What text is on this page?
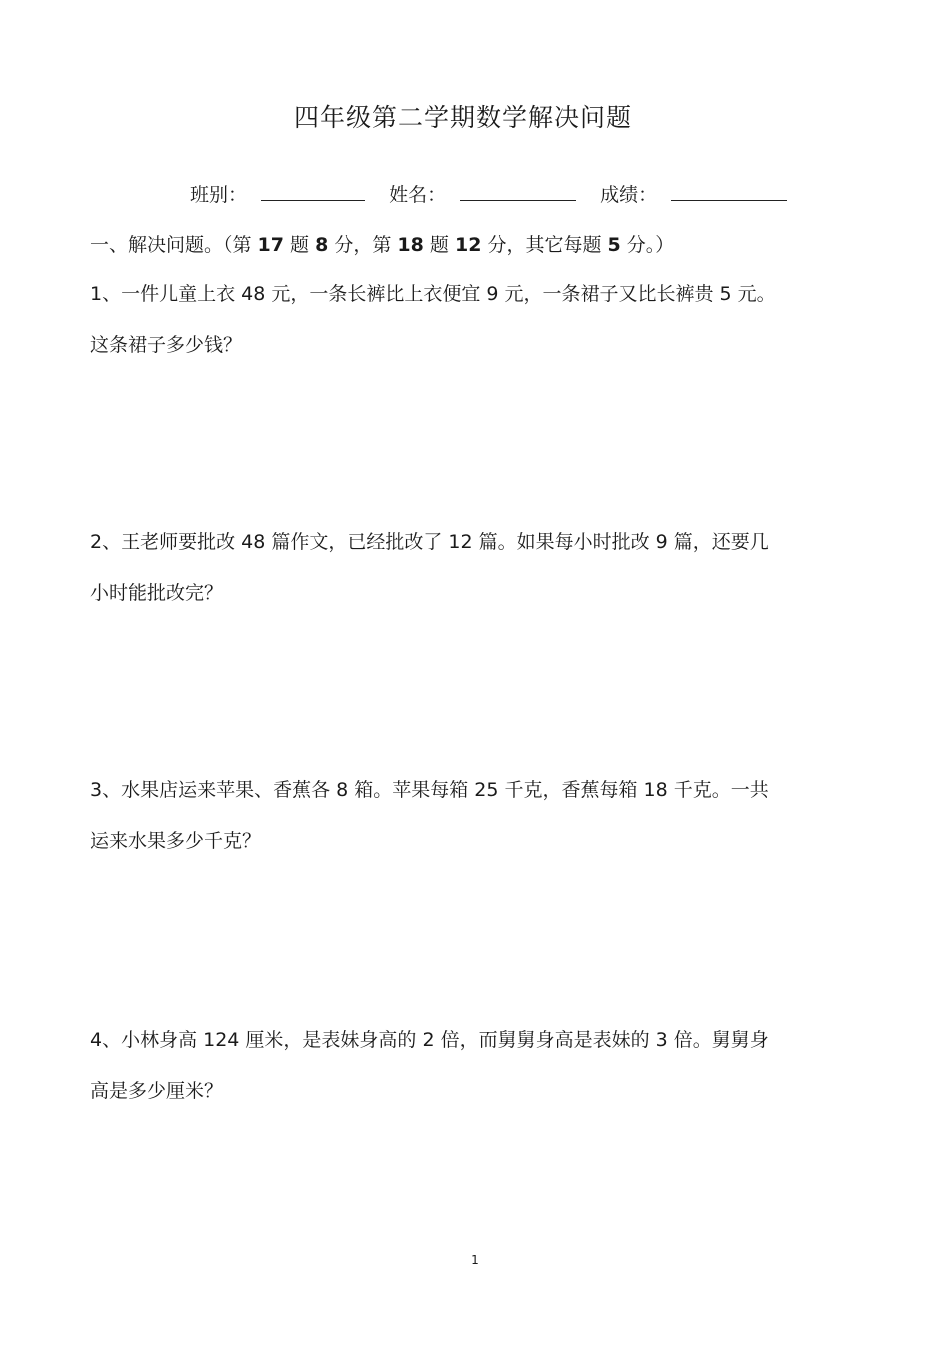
四年级第二学期数学解决问题
班别：	姓名：	成绩：
一、解决问题。（第 17 题 8 分，第 18 题 12 分，其它每题 5 分。）
1、一件儿童上衣 48 元，一条长裤比上衣便宜 9 元，一条裙子又比长裤贵 5 元。
这条裙子多少钱？
2、王老师要批改 48 篇作文，已经批改了 12 篇。如果每小时批改 9 篇，还要几
小时能批改完？
3、水果店运来苹果、香蕉各 8 箱。苹果每箱 25 千克，香蕉每箱 18 千克。一共
运来水果多少千克？
4、小林身高 124 厘米，是表妹身高的 2 倍，而舅舅身高是表妹的 3 倍。舅舅身
高是多少厘米？
1
